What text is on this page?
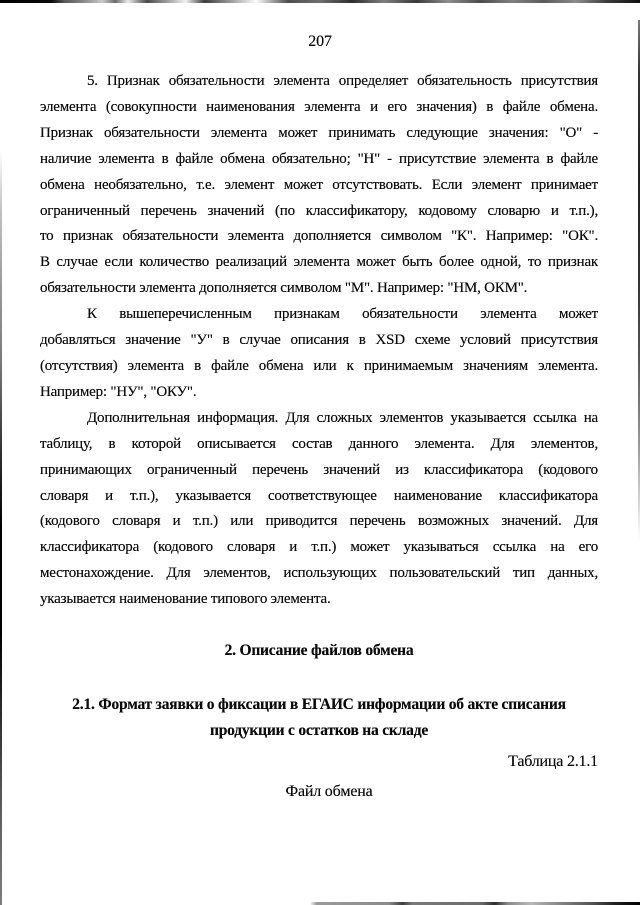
207
5. Признак обязательности элемента определяет обязательность присутствия
элемента (совокупности наименования элемента и его значения) в файле обмена.
Признак обязательности элемента может принимать следующие значения: "О" -
наличие элемента в файле обмена обязательно; "Н" - присутствие элемента в файле
обмена необязательно, т.е. элемент может отсутствовать. Если элемент принимает
ограниченный перечень значений (по классификатору, кодовому словарю и т.п.),
то признак обязательности элемента дополняется символом "К". Например: "ОК".
В случае если количество реализаций элемента может быть более одной, то признак
обязательности элемента дополняется символом "М". Например: "НМ, ОКМ".
К вышеперечисленным признакам обязательности элемента может
добавляться значение "У" в случае описания в XSD схеме условий присутствия
(отсутствия) элемента в файле обмена или к принимаемым значениям элемента.
Например: "НУ", "ОКУ".
Дополнительная информация. Для сложных элементов указывается ссылка на
таблицу, в которой описывается состав данного элемента. Для элементов,
принимающих ограниченный перечень значений из классификатора (кодового
словаря и т.п.), указывается соответствующее наименование классификатора
(кодового словаря и т.п.) или приводится перечень возможных значений. Для
классификатора (кодового словаря и т.п.) может указываться ссылка на его
местонахождение. Для элементов, использующих пользовательский тип данных,
указывается наименование типового элемента.
2. Описание файлов обмена
2.1. Формат заявки о фиксации в ЕГАИС информации об акте списания
продукции с остатков на складе
Таблица 2.1.1
Файл обмена
